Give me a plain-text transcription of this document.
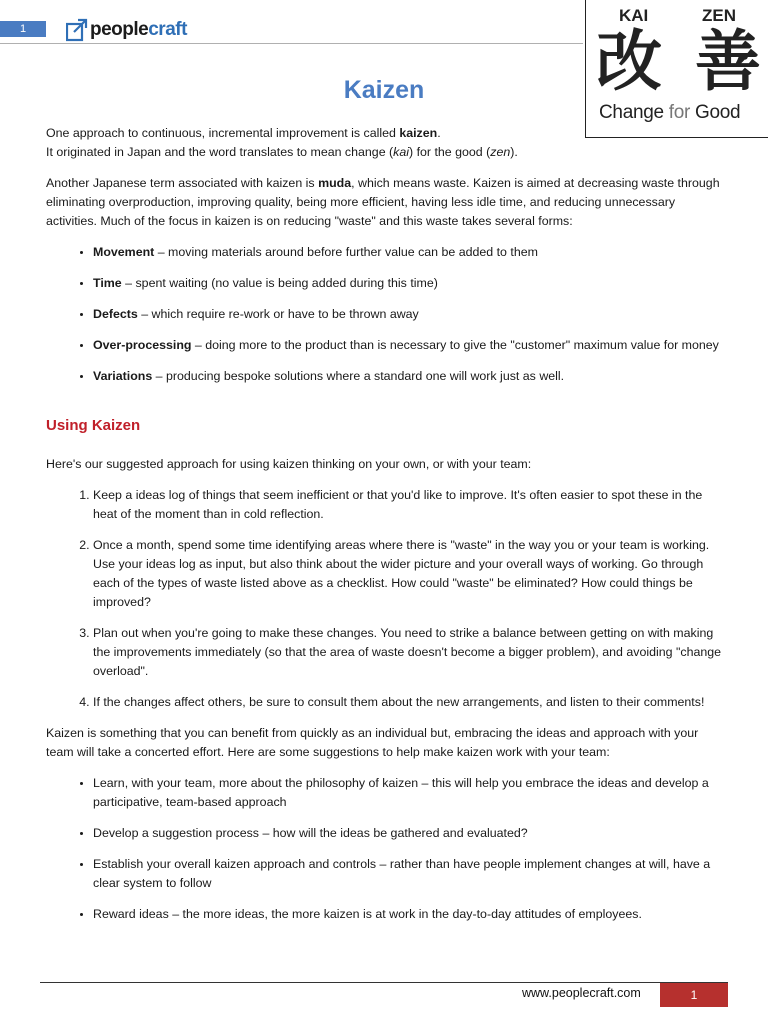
1	peoplecraft
KAI	ZEN
改 善
Change for Good
Kaizen

One approach to continuous, incremental improvement is called kaizen.
It originated in Japan and the word translates to mean change (kai) for the good (zen).

Another Japanese term associated with kaizen is muda, which means waste. Kaizen is aimed at decreasing waste through eliminating overproduction, improving quality, being more efficient, having less idle time, and reducing unnecessary activities. Much of the focus in kaizen is on reducing "waste" and this waste takes several forms:

• Movement – moving materials around before further value can be added to them
• Time – spent waiting (no value is being added during this time)
• Defects – which require re-work or have to be thrown away
• Over-processing – doing more to the product than is necessary to give the "customer" maximum value for money
• Variations – producing bespoke solutions where a standard one will work just as well.
Using Kaizen

Here's our suggested approach for using kaizen thinking on your own, or with your team:

1. Keep a ideas log of things that seem inefficient or that you'd like to improve. It's often easier to spot these in the heat of the moment than in cold reflection.
2. Once a month, spend some time identifying areas where there is "waste" in the way you or your team is working. Use your ideas log as input, but also think about the wider picture and your overall ways of working. Go through each of the types of waste listed above as a checklist. How could "waste" be eliminated? How could things be improved?
3. Plan out when you're going to make these changes. You need to strike a balance between getting on with making the improvements immediately (so that the area of waste doesn't become a bigger problem), and avoiding "change overload".
4. If the changes affect others, be sure to consult them about the new arrangements, and listen to their comments!

Kaizen is something that you can benefit from quickly as an individual but, embracing the ideas and approach with your team will take a concerted effort. Here are some suggestions to help make kaizen work with your team:

• Learn, with your team, more about the philosophy of kaizen – this will help you embrace the ideas and develop a participative, team-based approach
• Develop a suggestion process – how will the ideas be gathered and evaluated?
• Establish your overall kaizen approach and controls – rather than have people implement changes at will, have a clear system to follow
• Reward ideas – the more ideas, the more kaizen is at work in the day-to-day attitudes of employees.
www.peoplecraft.com	1
